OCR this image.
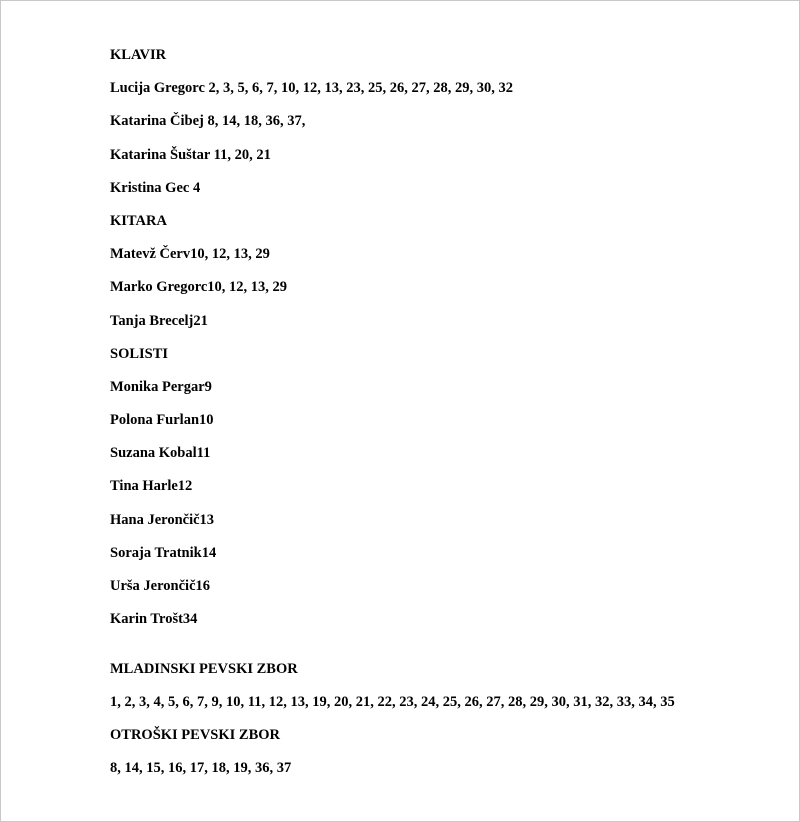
KLAVIR
Lucija Gregorc 2, 3, 5, 6, 7, 10, 12, 13, 23, 25, 26, 27, 28, 29, 30, 32
Katarina Čibej 8, 14, 18, 36, 37,
Katarina Šuštar 11, 20, 21
Kristina Gec 4
KITARA
Matevž Červ10, 12, 13, 29
Marko Gregorc10, 12, 13, 29
Tanja Brecelj21
SOLISTI
Monika Pergar9
Polona Furlan10
Suzana Kobal11
Tina Harle12
Hana Jerončič13
Soraja Tratnik14
Urša Jerončič16
Karin Trošt34
MLADINSKI PEVSKI ZBOR
1, 2, 3, 4, 5, 6, 7, 9, 10, 11, 12, 13, 19, 20, 21, 22, 23, 24, 25, 26, 27, 28, 29, 30, 31, 32, 33, 34, 35
OTROŠKI PEVSKI ZBOR
8, 14, 15, 16, 17, 18, 19, 36, 37
